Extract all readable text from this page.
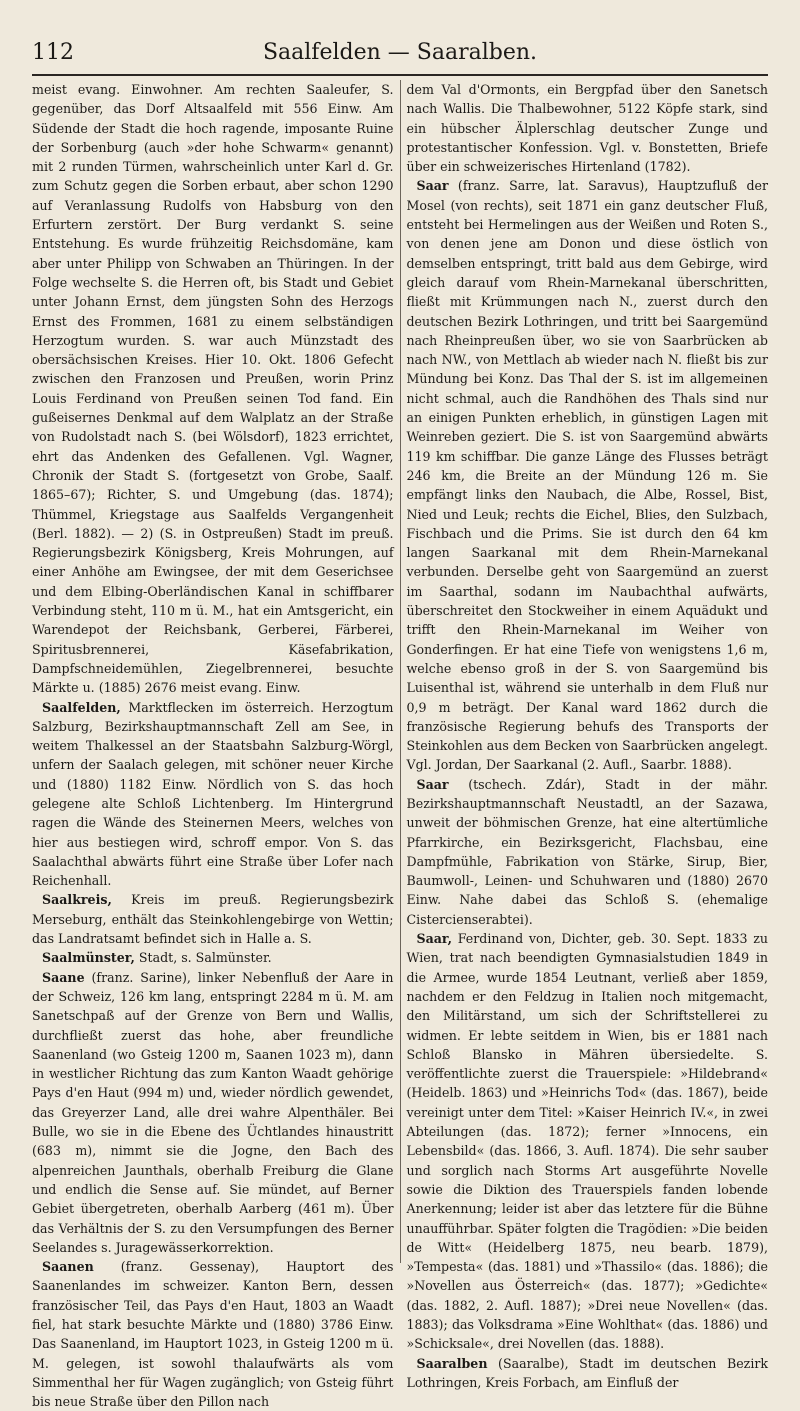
112	Saalfelden — Saaralben.

meist evang. Einwohner. Am rechten Saaleufer, S. gegenüber, das Dorf Altsaalfeld mit 556 Einw. Am Südende der Stadt die hoch ragende, imposante Ruine der Sorbenburg (auch »der hohe Schwarm« genannt) mit 2 runden Türmen, wahrscheinlich unter Karl d. Gr. zum Schutz gegen die Sorben erbaut, aber schon 1290 auf Veranlassung Rudolfs von Habsburg von den Erfurtern zerstört. Der Burg verdankt S. seine Entstehung. Es wurde frühzeitig Reichsdomäne, kam aber unter Philipp von Schwaben an Thüringen. In der Folge wechselte S. die Herren oft, bis Stadt und Gebiet unter Johann Ernst, dem jüngsten Sohn des Herzogs Ernst des Frommen, 1681 zu einem selbständigen Herzogtum wurden. S. war auch Münzstadt des obersächsischen Kreises. Hier 10. Okt. 1806 Gefecht zwischen den Franzosen und Preußen, worin Prinz Louis Ferdinand von Preußen seinen Tod fand. Ein gußeisernes Denkmal auf dem Walplatz an der Straße von Rudolstadt nach S. (bei Wölsdorf), 1823 errichtet, ehrt das Andenken des Gefallenen. Vgl. Wagner, Chronik der Stadt S. (fortgesetzt von Grobe, Saalf. 1865–67); Richter, S. und Umgebung (das. 1874); Thümmel, Kriegstage aus Saalfelds Vergangenheit (Berl. 1882). — 2) (S. in Ostpreußen) Stadt im preuß. Regierungsbezirk Königsberg, Kreis Mohrungen, auf einer Anhöhe am Ewingsee, der mit dem Geserichsee und dem Elbing-Oberländischen Kanal in schiffbarer Verbindung steht, 110 m ü. M., hat ein Amtsgericht, ein Warendepot der Reichsbank, Gerberei, Färberei, Spiritusbrennerei, Käsefabrikation, Dampfschneidemühlen, Ziegelbrennerei, besuchte Märkte u. (1885) 2676 meist evang. Einw.

Saalfelden, Marktflecken im österreich. Herzogtum Salzburg, Bezirkshauptmannschaft Zell am See, in weitem Thalkessel an der Staatsbahn Salzburg-Wörgl, unfern der Saalach gelegen, mit schöner neuer Kirche und (1880) 1182 Einw. Nördlich von S. das hoch gelegene alte Schloß Lichtenberg. Im Hintergrund ragen die Wände des Steinernen Meers, welches von hier aus bestiegen wird, schroff empor. Von S. das Saalachthal abwärts führt eine Straße über Lofer nach Reichenhall.

Saalkreis, Kreis im preuß. Regierungsbezirk Merseburg, enthält das Steinkohlengebirge von Wettin; das Landratsamt befindet sich in Halle a. S.

Saalmünster, Stadt, s. Salmünster.

Saane (franz. Sarine), linker Nebenfluß der Aare in der Schweiz, 126 km lang, entspringt 2284 m ü. M. am Sanetschpaß auf der Grenze von Bern und Wallis, durchfließt zuerst das hohe, aber freundliche Saanenland (wo Gsteig 1200 m, Saanen 1023 m), dann in westlicher Richtung das zum Kanton Waadt gehörige Pays d'en Haut (994 m) und, wieder nördlich gewendet, das Greyerzer Land, alle drei wahre Alpenthäler. Bei Bulle, wo sie in die Ebene des Üchtlandes hinaustritt (683 m), nimmt sie die Jogne, den Bach des alpenreichen Jaunthals, oberhalb Freiburg die Glane und endlich die Sense auf. Sie mündet, auf Berner Gebiet übergetreten, oberhalb Aarberg (461 m). Über das Verhältnis der S. zu den Versumpfungen des Berner Seelandes s. Juragewässerkorrektion.

Saanen (franz. Gessenay), Hauptort des Saanenlandes im schweizer. Kanton Bern, dessen französischer Teil, das Pays d'en Haut, 1803 an Waadt fiel, hat stark besuchte Märkte und (1880) 3786 Einw. Das Saanenland, im Hauptort 1023, in Gsteig 1200 m ü. M. gelegen, ist sowohl thalaufwärts als vom Simmenthal her für Wagen zugänglich; von Gsteig führt bis neue Straße über den Pillon nach

dem Val d'Ormonts, ein Bergpfad über den Sanetsch nach Wallis. Die Thalbewohner, 5122 Köpfe stark, sind ein hübscher Älplerschlag deutscher Zunge und protestantischer Konfession. Vgl. v. Bonstetten, Briefe über ein schweizerisches Hirtenland (1782).

Saar (franz. Sarre, lat. Saravus), Hauptzufluß der Mosel (von rechts), seit 1871 ein ganz deutscher Fluß, entsteht bei Hermelingen aus der Weißen und Roten S., von denen jene am Donon und diese östlich von demselben entspringt, tritt bald aus dem Gebirge, wird gleich darauf vom Rhein-Marnekanal überschritten, fließt mit Krümmungen nach N., zuerst durch den deutschen Bezirk Lothringen, und tritt bei Saargemünd nach Rheinpreußen über, wo sie von Saarbrücken ab nach NW., von Mettlach ab wieder nach N. fließt bis zur Mündung bei Konz. Das Thal der S. ist im allgemeinen nicht schmal, auch die Randhöhen des Thals sind nur an einigen Punkten erheblich, in günstigen Lagen mit Weinreben geziert. Die S. ist von Saargemünd abwärts 119 km schiffbar. Die ganze Länge des Flusses beträgt 246 km, die Breite an der Mündung 126 m. Sie empfängt links den Naubach, die Albe, Rossel, Bist, Nied und Leuk; rechts die Eichel, Blies, den Sulzbach, Fischbach und die Prims. Sie ist durch den 64 km langen Saarkanal mit dem Rhein-Marnekanal verbunden. Derselbe geht von Saargemünd an zuerst im Saarthal, sodann im Naubachthal aufwärts, überschreitet den Stockweiher in einem Aquädukt und trifft den Rhein-Marnekanal im Weiher von Gonderfingen. Er hat eine Tiefe von wenigstens 1,6 m, welche ebenso groß in der S. von Saargemünd bis Luisenthal ist, während sie unterhalb in dem Fluß nur 0,9 m beträgt. Der Kanal ward 1862 durch die französische Regierung behufs des Transports der Steinkohlen aus dem Becken von Saarbrücken angelegt. Vgl. Jordan, Der Saarkanal (2. Aufl., Saarbr. 1888).

Saar (tschech. Zdár), Stadt in der mähr. Bezirkshauptmannschaft Neustadtl, an der Sazawa, unweit der böhmischen Grenze, hat eine altertümliche Pfarrkirche, ein Bezirksgericht, Flachsbau, eine Dampfmühle, Fabrikation von Stärke, Sirup, Bier, Baumwoll-, Leinen- und Schuhwaren und (1880) 2670 Einw. Nahe dabei das Schloß S. (ehemalige Cistercienserabtei).

Saar, Ferdinand von, Dichter, geb. 30. Sept. 1833 zu Wien, trat nach beendigten Gymnasialstudien 1849 in die Armee, wurde 1854 Leutnant, verließ aber 1859, nachdem er den Feldzug in Italien noch mitgemacht, den Militärstand, um sich der Schriftstellerei zu widmen. Er lebte seitdem in Wien, bis er 1881 nach Schloß Blansko in Mähren übersiedelte. S. veröffentlichte zuerst die Trauerspiele: »Hildebrand« (Heidelb. 1863) und »Heinrichs Tod« (das. 1867), beide vereinigt unter dem Titel: »Kaiser Heinrich IV.«, in zwei Abteilungen (das. 1872); ferner »Innocens, ein Lebensbild« (das. 1866, 3. Aufl. 1874). Die sehr sauber und sorglich nach Storms Art ausgeführte Novelle sowie die Diktion des Trauerspiels fanden lobende Anerkennung; leider ist aber das letztere für die Bühne unaufführbar. Später folgten die Tragödien: »Die beiden de Witt« (Heidelberg 1875, neu bearb. 1879), »Tempesta« (das. 1881) und »Thassilo« (das. 1886); die »Novellen aus Österreich« (das. 1877); »Gedichte« (das. 1882, 2. Aufl. 1887); »Drei neue Novellen« (das. 1883); das Volksdrama »Eine Wohlthat« (das. 1886) und »Schicksale«, drei Novellen (das. 1888).

Saaralben (Saaralbe), Stadt im deutschen Bezirk Lothringen, Kreis Forbach, am Einfluß der
